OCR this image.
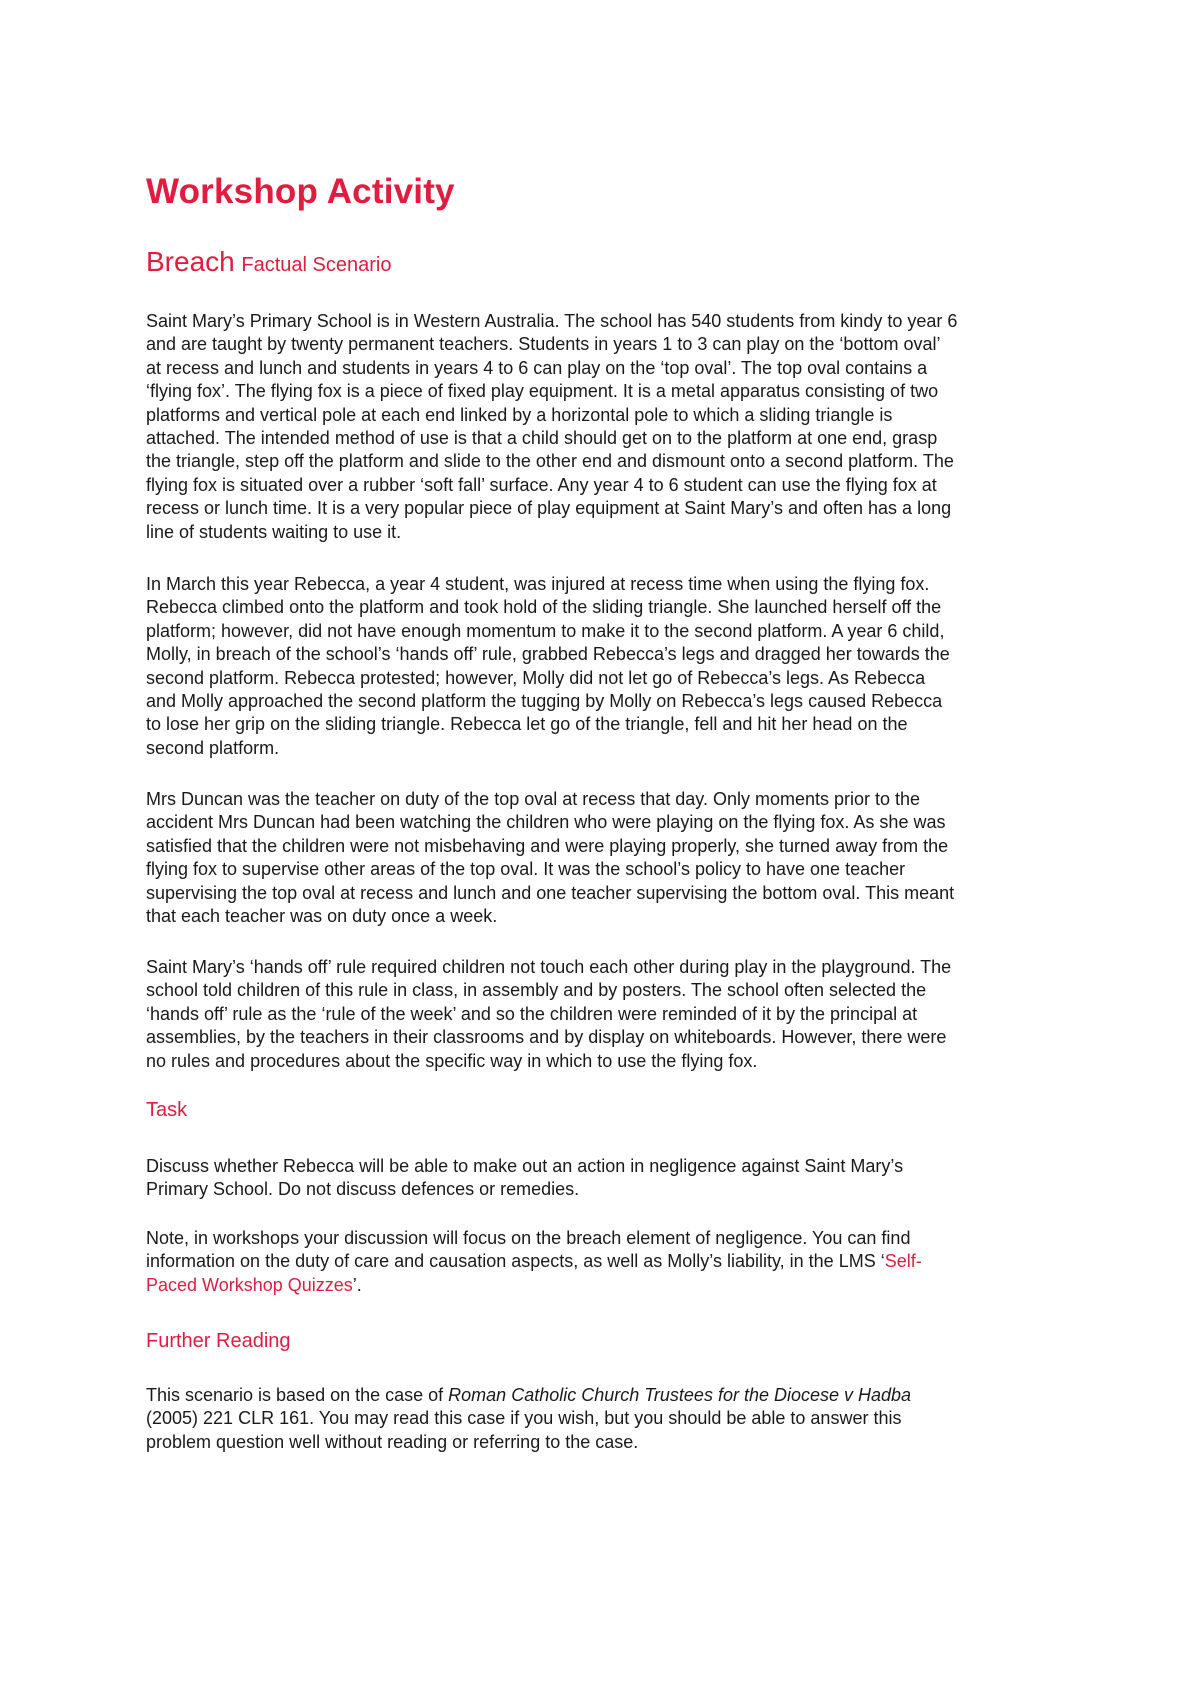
Workshop Activity
Breach Factual Scenario

Saint Mary’s Primary School is in Western Australia. The school has 540 students from kindy to year 6
and are taught by twenty permanent teachers. Students in years 1 to 3 can play on the ‘bottom oval’
at recess and lunch and students in years 4 to 6 can play on the ‘top oval’. The top oval contains a
‘flying fox’. The flying fox is a piece of fixed play equipment. It is a metal apparatus consisting of two
platforms and vertical pole at each end linked by a horizontal pole to which a sliding triangle is
attached. The intended method of use is that a child should get on to the platform at one end, grasp
the triangle, step off the platform and slide to the other end and dismount onto a second platform. The
flying fox is situated over a rubber ‘soft fall’ surface. Any year 4 to 6 student can use the flying fox at
recess or lunch time. It is a very popular piece of play equipment at Saint Mary’s and often has a long
line of students waiting to use it.

In March this year Rebecca, a year 4 student, was injured at recess time when using the flying fox.
Rebecca climbed onto the platform and took hold of the sliding triangle. She launched herself off the
platform; however, did not have enough momentum to make it to the second platform. A year 6 child,
Molly, in breach of the school’s ‘hands off’ rule, grabbed Rebecca’s legs and dragged her towards the
second platform. Rebecca protested; however, Molly did not let go of Rebecca’s legs. As Rebecca
and Molly approached the second platform the tugging by Molly on Rebecca’s legs caused Rebecca
to lose her grip on the sliding triangle. Rebecca let go of the triangle, fell and hit her head on the
second platform.

Mrs Duncan was the teacher on duty of the top oval at recess that day. Only moments prior to the
accident Mrs Duncan had been watching the children who were playing on the flying fox. As she was
satisfied that the children were not misbehaving and were playing properly, she turned away from the
flying fox to supervise other areas of the top oval. It was the school’s policy to have one teacher
supervising the top oval at recess and lunch and one teacher supervising the bottom oval. This meant
that each teacher was on duty once a week.

Saint Mary’s ‘hands off’ rule required children not touch each other during play in the playground. The
school told children of this rule in class, in assembly and by posters. The school often selected the
‘hands off’ rule as the ‘rule of the week’ and so the children were reminded of it by the principal at
assemblies, by the teachers in their classrooms and by display on whiteboards. However, there were
no rules and procedures about the specific way in which to use the flying fox.

Task

Discuss whether Rebecca will be able to make out an action in negligence against Saint Mary’s
Primary School. Do not discuss defences or remedies.

Note, in workshops your discussion will focus on the breach element of negligence. You can find
information on the duty of care and causation aspects, as well as Molly’s liability, in the LMS ‘Self-
Paced Workshop Quizzes’.

Further Reading

This scenario is based on the case of Roman Catholic Church Trustees for the Diocese v Hadba
(2005) 221 CLR 161. You may read this case if you wish, but you should be able to answer this
problem question well without reading or referring to the case.
